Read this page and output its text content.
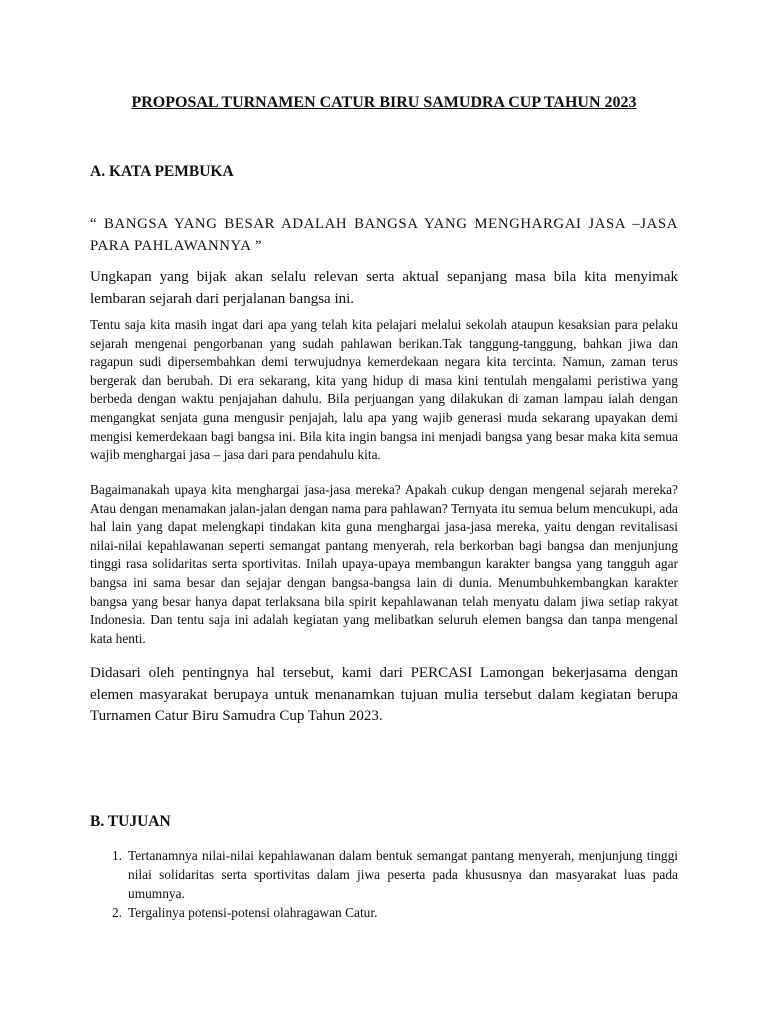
PROPOSAL TURNAMEN CATUR BIRU SAMUDRA CUP TAHUN 2023
A. KATA PEMBUKA

“ BANGSA YANG BESAR ADALAH BANGSA YANG MENGHARGAI JASA –JASA PARA PAHLAWANNYA ”

Ungkapan yang bijak akan selalu relevan serta aktual sepanjang masa bila kita menyimak lembaran sejarah dari perjalanan bangsa ini.

Tentu saja kita masih ingat dari apa yang telah kita pelajari melalui sekolah ataupun kesaksian para pelaku sejarah mengenai pengorbanan yang sudah pahlawan berikan.Tak tanggung-tanggung, bahkan jiwa dan ragapun sudi dipersembahkan demi terwujudnya kemerdekaan negara kita tercinta. Namun, zaman terus bergerak dan berubah. Di era sekarang, kita yang hidup di masa kini tentulah mengalami peristiwa yang berbeda dengan waktu penjajahan dahulu. Bila perjuangan yang dilakukan di zaman lampau ialah dengan mengangkat senjata guna mengusir penjajah, lalu apa yang wajib generasi muda sekarang upayakan demi mengisi kemerdekaan bagi bangsa ini. Bila kita ingin bangsa ini menjadi bangsa yang besar maka kita semua wajib menghargai jasa – jasa dari para pendahulu kita.

Bagaimanakah upaya kita menghargai jasa-jasa mereka? Apakah cukup dengan mengenal sejarah mereka? Atau dengan menamakan jalan-jalan dengan nama para pahlawan? Ternyata itu semua belum mencukupi, ada hal lain yang dapat melengkapi tindakan kita guna menghargai jasa-jasa mereka, yaitu dengan revitalisasi nilai-nilai kepahlawanan seperti semangat pantang menyerah, rela berkorban bagi bangsa dan menjunjung tinggi rasa solidaritas serta sportivitas. Inilah upaya-upaya membangun karakter bangsa yang tangguh agar bangsa ini sama besar dan sejajar dengan bangsa-bangsa lain di dunia. Menumbuhkembangkan karakter bangsa yang besar hanya dapat terlaksana bila spirit kepahlawanan telah menyatu dalam jiwa setiap rakyat Indonesia. Dan tentu saja ini adalah kegiatan yang melibatkan seluruh elemen bangsa dan tanpa mengenal kata henti.

Didasari oleh pentingnya hal tersebut, kami dari PERCASI Lamongan bekerjasama dengan elemen masyarakat berupaya untuk menanamkan tujuan mulia tersebut dalam kegiatan berupa Turnamen Catur Biru Samudra Cup Tahun 2023.

B. TUJUAN
1. Tertanamnya nilai-nilai kepahlawanan dalam bentuk semangat pantang menyerah, menjunjung tinggi nilai solidaritas serta sportivitas dalam jiwa peserta pada khususnya dan masyarakat luas pada umumnya.
2. Tergalinya potensi-potensi olahragawan Catur.
